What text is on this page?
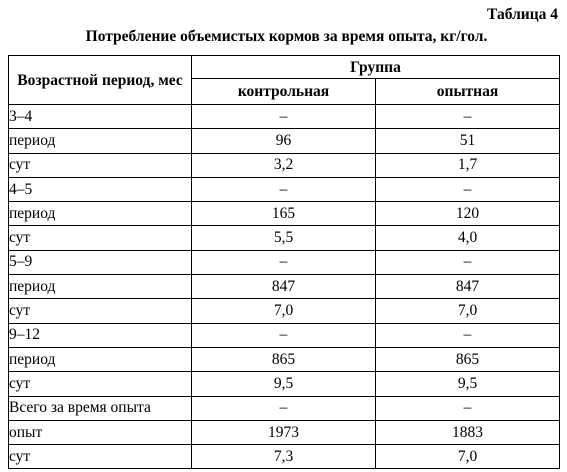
Таблица 4
Потребление объемистых кормов за время опыта, кг/гол.
Возрастной период, мес	Группа	
	контрольная	опытная
3–4	–	–
период	96	51
сут	3,2	1,7
4–5	–	–
период	165	120
сут	5,5	4,0
5–9	–	–
период	847	847
сут	7,0	7,0
9–12	–	–
период	865	865
сут	9,5	9,5
Всего за время опыта	–	–
опыт	1973	1883
сут	7,3	7,0
